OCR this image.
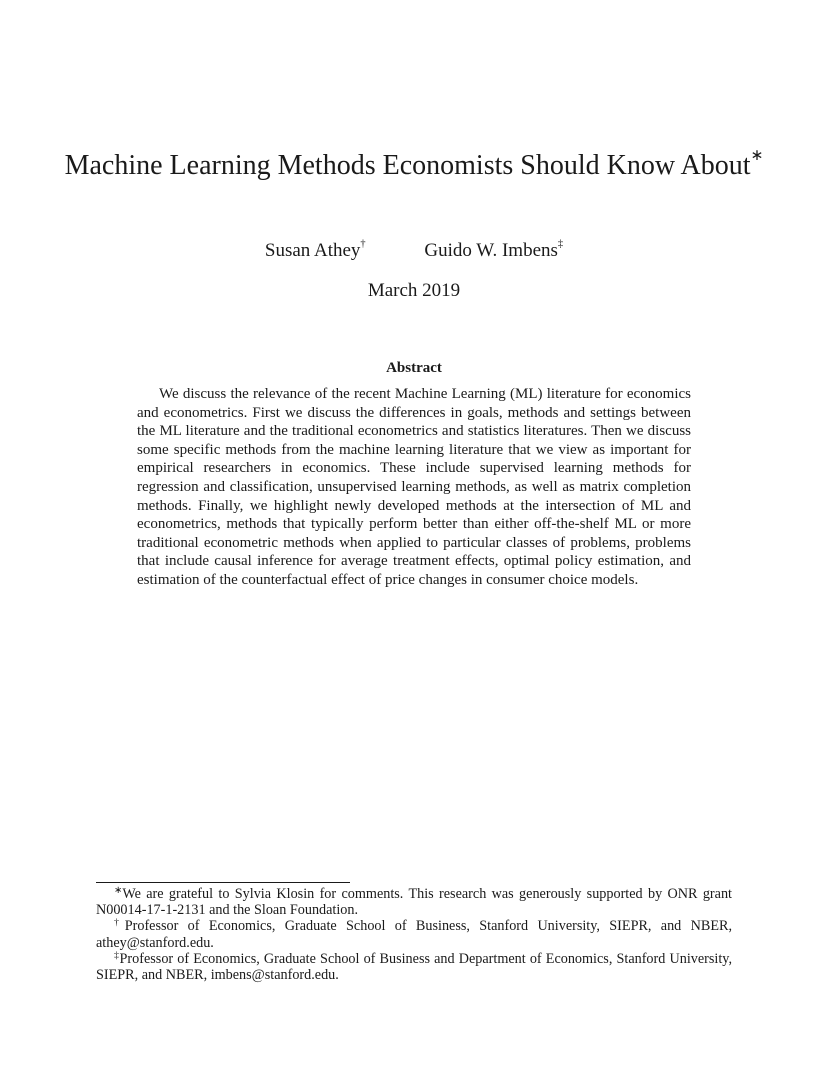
Machine Learning Methods Economists Should Know About∗
Susan Athey†	Guido W. Imbens‡
March 2019
Abstract

We discuss the relevance of the recent Machine Learning (ML) literature for economics and econometrics. First we discuss the differences in goals, methods and settings between the ML literature and the traditional econometrics and statistics literatures. Then we discuss some specific methods from the machine learning literature that we view as important for empirical researchers in economics. These include supervised learning methods for regression and classification, unsupervised learning methods, as well as matrix completion methods. Finally, we highlight newly developed methods at the intersection of ML and econometrics, methods that typically perform better than either off-the-shelf ML or more traditional econometric methods when applied to particular classes of problems, problems that include causal inference for average treatment effects, optimal policy estimation, and estimation of the counterfactual effect of price changes in consumer choice models.

∗We are grateful to Sylvia Klosin for comments. This research was generously supported by ONR grant N00014-17-1-2131 and the Sloan Foundation.

†Professor of Economics, Graduate School of Business, Stanford University, SIEPR, and NBER, athey@stanford.edu.

‡Professor of Economics, Graduate School of Business and Department of Economics, Stanford University, SIEPR, and NBER, imbens@stanford.edu.
